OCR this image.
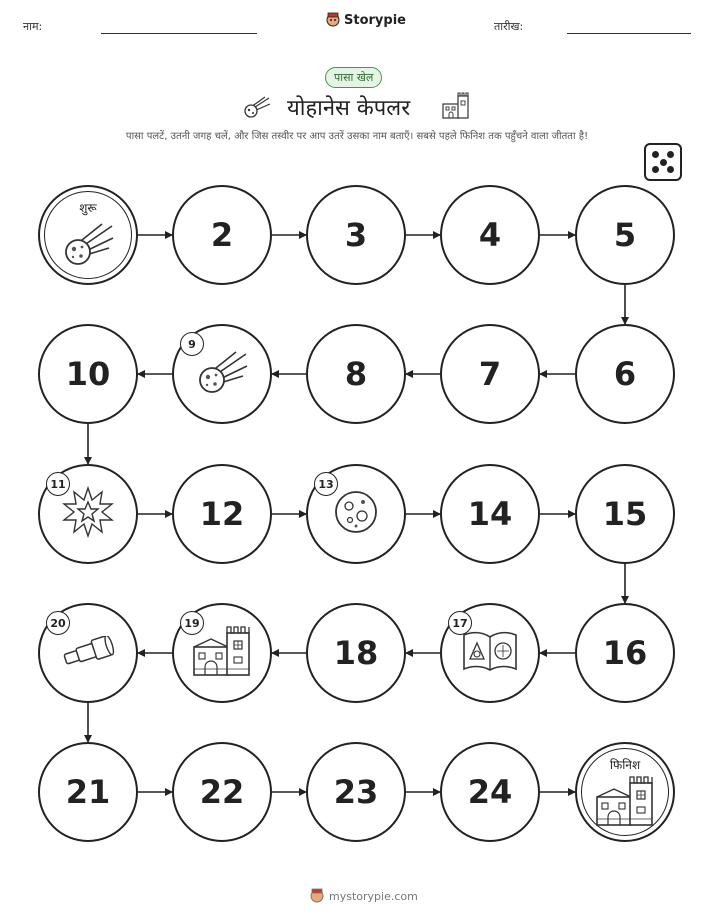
नाम:	Storypie	तारीख:
पासा खेल
योहानेस केपलर
पासा पलटें, उतनी जगह चलें, और जिस तस्वीर पर आप उतरें उसका नाम बताएँ। सबसे पहले फिनिश तक पहुँचने वाला जीतता है!
शुरू
2	3	4	5
6
7
8
9
10
11
12
13
14	15
16
17
18
19
20
21	22	23	24
फिनिश
mystorypie.com
